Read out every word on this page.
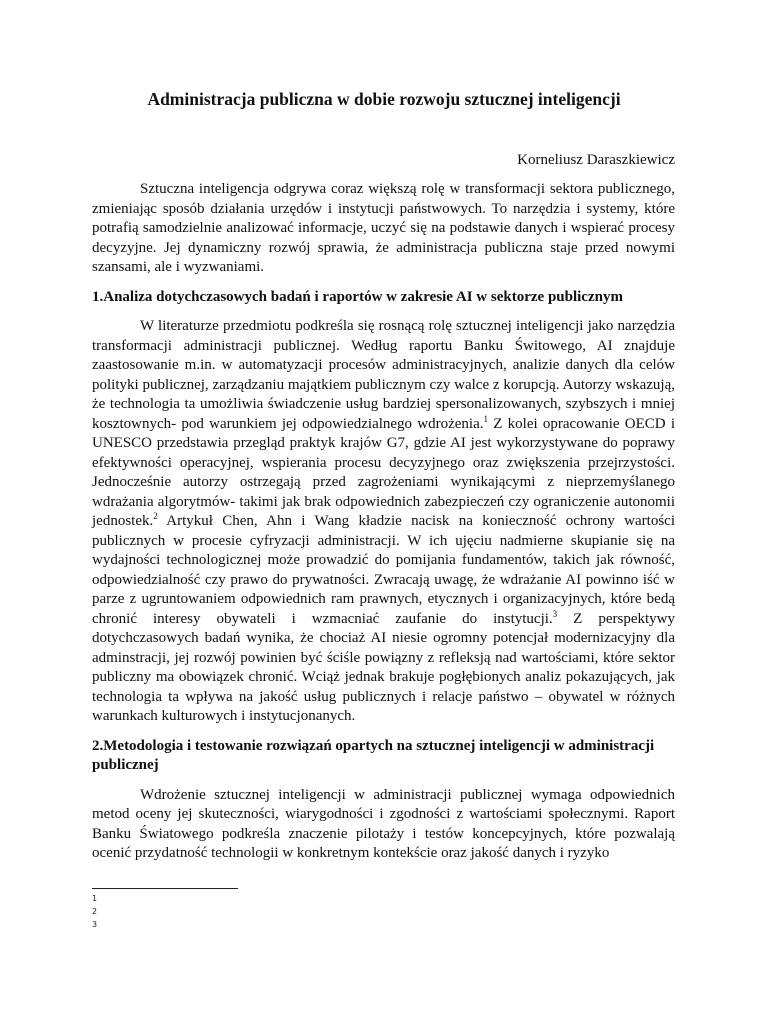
Administracja publiczna w dobie rozwoju sztucznej inteligencji
Korneliusz Daraszkiewicz

Sztuczna inteligencja odgrywa coraz większą rolę w transformacji sektora publicznego, zmieniając sposób działania urzędów i instytucji państwowych. To narzędzia i systemy, które potrafią samodzielnie analizować informacje, uczyć się na podstawie danych i wspierać procesy decyzyjne. Jej dynamiczny rozwój sprawia, że administracja publiczna staje przed nowymi szansami, ale i wyzwaniami.

1.Analiza dotychczasowych badań i raportów w zakresie AI w sektorze publicznym

W literaturze przedmiotu podkreśla się rosnącą rolę sztucznej inteligencji jako narzędzia transformacji administracji publicznej. Według raportu Banku Świtowego, AI znajduje zaastosowanie m.in. w automatyzacji procesów administracyjnych, analizie danych dla celów polityki publicznej, zarządzaniu majątkiem publicznym czy walce z korupcją. Autorzy wskazują, że technologia ta umożliwia świadczenie usług bardziej spersonalizowanych, szybszych i mniej kosztownych- pod warunkiem jej odpowiedzialnego wdrożenia.$^1$ Z kolei opracowanie OECD i UNESCO przedstawia przegląd praktyk krajów G7, gdzie AI jest wykorzystywane do poprawy efektywności operacyjnej, wspierania procesu decyzyjnego oraz zwiększenia przejrzystości. Jednocześnie autorzy ostrzegają przed zagrożeniami wynikającymi z nieprzemyślanego wdrażania algorytmów- takimi jak brak odpowiednich zabezpieczeń czy ograniczenie autonomii jednostek.$^2$ Artykuł Chen, Ahn i Wang kładzie nacisk na konieczność ochrony wartości publicznych w procesie cyfryzacji administracji. W ich ujęciu nadmierne skupianie się na wydajności technologicznej może prowadzić do pomijania fundamentów, takich jak równość, odpowiedzialność czy prawo do prywatności. Zwracają uwagę, że wdrażanie AI powinno iść w parze z ugruntowaniem odpowiednich ram prawnych, etycznych i organizacyjnych, które bedą chronić interesy obywateli i wzmacniać zaufanie do instytucji.$^3$ Z perspektywy dotychczasowych badań wynika, że chociaż AI niesie ogromny potencjał modernizacyjny dla adminstracji, jej rozwój powinien być ściśle powiązny z refleksją nad wartościami, które sektor publiczny ma obowiązek chronić. Wciąż jednak brakuje pogłębionych analiz pokazujących, jak technologia ta wpływa na jakość usług publicznych i relacje państwo – obywatel w różnych warunkach kulturowych i instytucjonanych.

2.Metodologia i testowanie rozwiązań opartych na sztucznej inteligencji w administracji publicznej

Wdrożenie sztucznej inteligencji w administracji publicznej wymaga odpowiednich metod oceny jej skuteczności, wiarygodności i zgodności z wartościami społecznymi. Raport Banku Światowego podkreśla znaczenie pilotaży i testów koncepcyjnych, które pozwalają ocenić przydatność technologii w konkretnym kontekście oraz jakość danych i ryzyko

1
2
3
